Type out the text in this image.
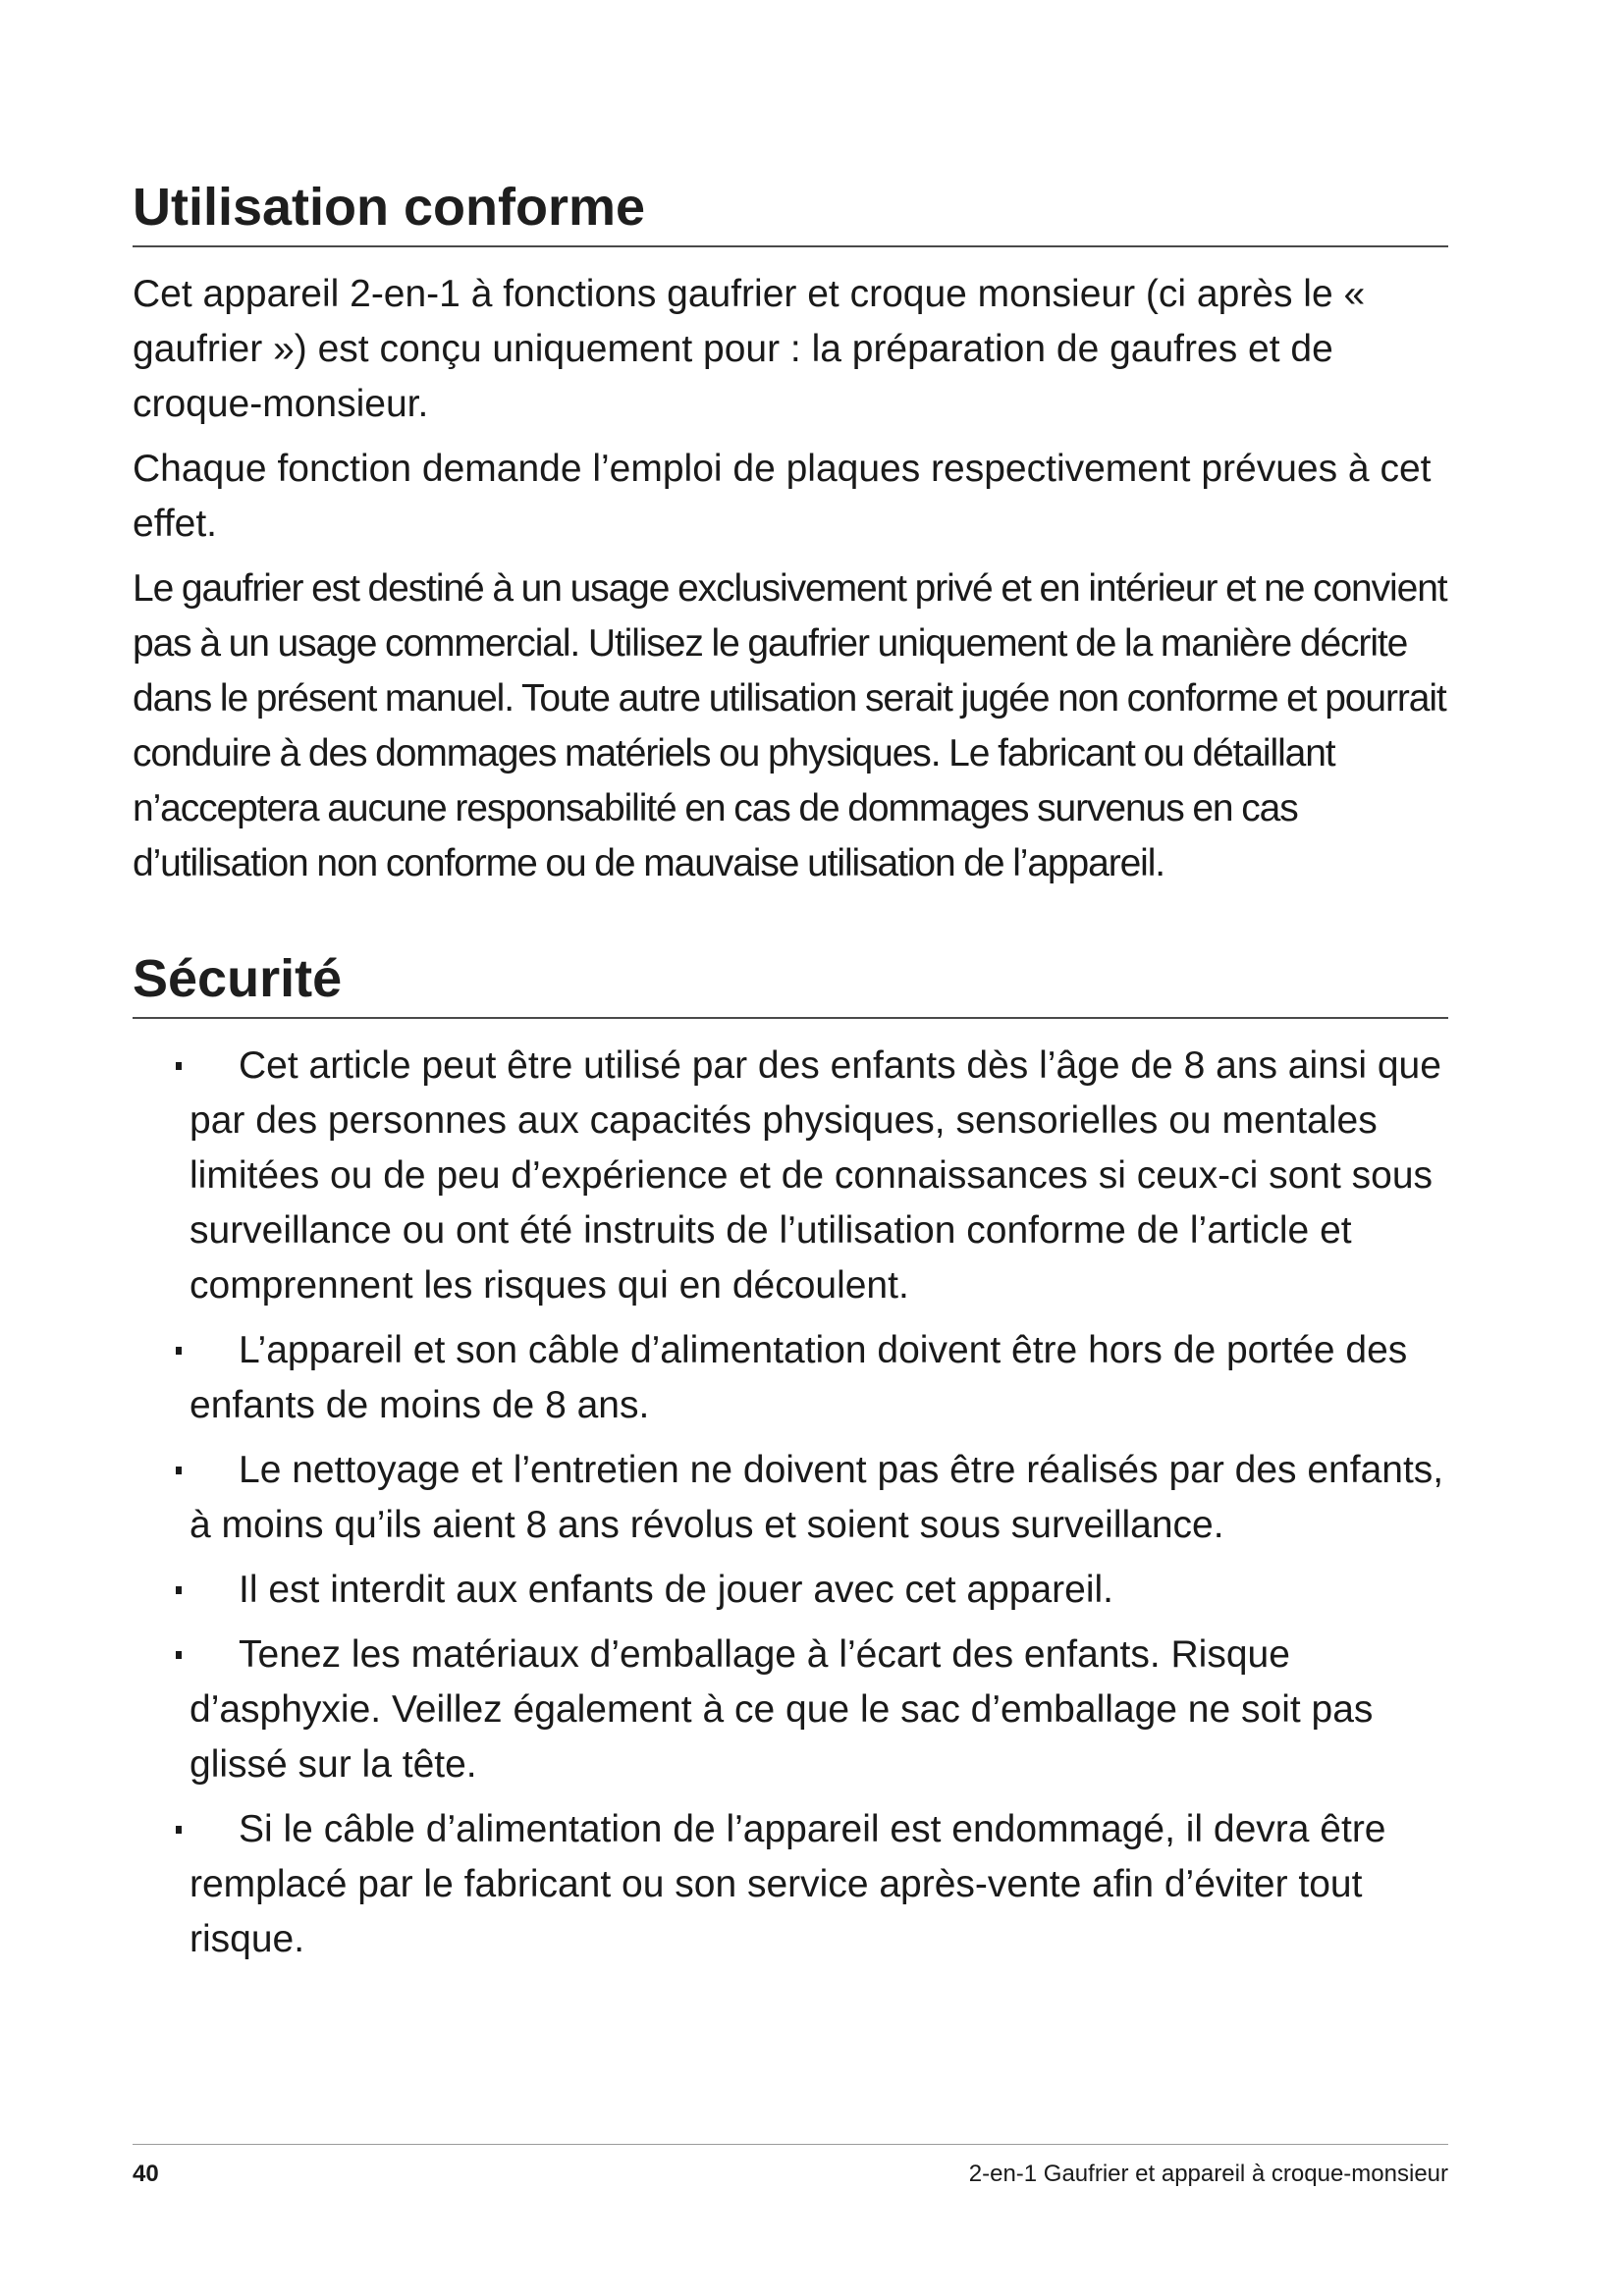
Utilisation conforme

Cet appareil 2-en-1 à fonctions gaufrier et croque monsieur (ci après le « gaufrier ») est conçu uniquement pour : la préparation de gaufres et de croque-monsieur.

Chaque fonction demande l’emploi de plaques respectivement prévues à cet effet.

Le gaufrier est destiné à un usage exclusivement privé et en intérieur et ne convient pas à un usage commercial. Utilisez le gaufrier uniquement de la manière décrite dans le présent manuel. Toute autre utilisation serait jugée non conforme et pourrait conduire à des dommages matériels ou physiques. Le fabricant ou détaillant n’acceptera aucune responsabilité en cas de dommages survenus en cas d’utilisation non conforme ou de mauvaise utilisation de l’appareil.

Sécurité
Cet article peut être utilisé par des enfants dès l’âge de 8 ans ainsi que par des personnes aux capacités physiques, sensorielles ou mentales limitées ou de peu d’expérience et de connaissances si ceux-ci sont sous surveillance ou ont été instruits de l’utilisation conforme de l’article et comprennent les risques qui en découlent.
L’appareil et son câble d’alimentation doivent être hors de portée des enfants de moins de 8 ans.
Le nettoyage et l’entretien ne doivent pas être réalisés par des enfants, à moins qu’ils aient 8 ans révolus et soient sous surveillance.
Il est interdit aux enfants de jouer avec cet appareil.
Tenez les matériaux d’emballage à l’écart des enfants. Risque d’asphyxie. Veillez également à ce que le sac d’emballage ne soit pas glissé sur la tête.
Si le câble d’alimentation de l’appareil est endommagé, il devra être remplacé par le fabricant ou son service après-vente afin d’éviter tout risque.
40	2-en-1 Gaufrier et appareil à croque-monsieur
